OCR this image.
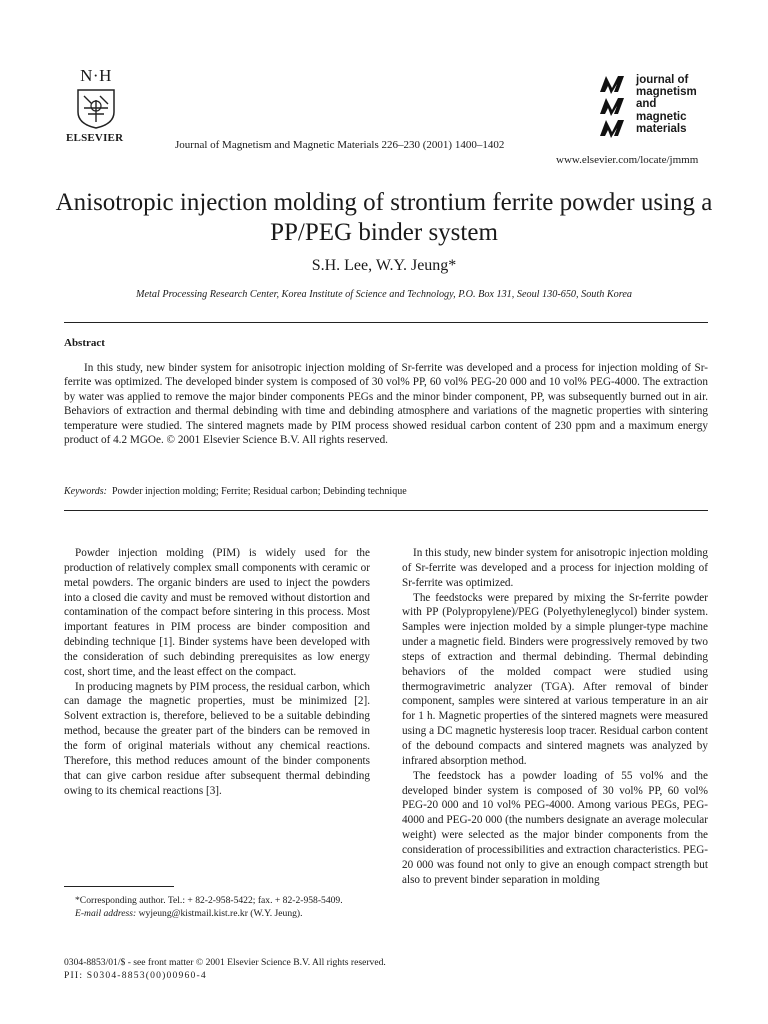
N·H
ELSEVIER
Journal of Magnetism and Magnetic Materials 226–230 (2001) 1400–1402
journal of
magnetism
and
magnetic
materials
www.elsevier.com/locate/jmmm
Anisotropic injection molding of strontium ferrite powder using a PP/PEG binder system
S.H. Lee, W.Y. Jeung*
Metal Processing Research Center, Korea Institute of Science and Technology, P.O. Box 131, Seoul 130-650, South Korea
Abstract
In this study, new binder system for anisotropic injection molding of Sr-ferrite was developed and a process for injection molding of Sr-ferrite was optimized. The developed binder system is composed of 30 vol% PP, 60 vol% PEG-20 000 and 10 vol% PEG-4000. The extraction by water was applied to remove the major binder components PEGs and the minor binder component, PP, was subsequently burned out in air. Behaviors of extraction and thermal debinding with time and debinding atmosphere and variations of the magnetic properties with sintering temperature were studied. The sintered magnets made by PIM process showed residual carbon content of 230 ppm and a maximum energy product of 4.2 MGOe. © 2001 Elsevier Science B.V. All rights reserved.
Keywords: Powder injection molding; Ferrite; Residual carbon; Debinding technique

Powder injection molding (PIM) is widely used for the production of relatively complex small components with ceramic or metal powders. The organic binders are used to inject the powders into a closed die cavity and must be removed without distortion and contamination of the compact before sintering in this process. Most important features in PIM process are binder composition and debinding technique [1]. Binder systems have been developed with the consideration of such debinding prerequisites as low energy cost, short time, and the least effect on the compact.

In producing magnets by PIM process, the residual carbon, which can damage the magnetic properties, must be minimized [2]. Solvent extraction is, therefore, believed to be a suitable debinding method, because the greater part of the binders can be removed in the form of original materials without any chemical reactions. Therefore, this method reduces amount of the binder components that can give carbon residue after subsequent thermal debinding owing to its chemical reactions [3].

In this study, new binder system for anisotropic injection molding of Sr-ferrite was developed and a process for injection molding of Sr-ferrite was optimized.

The feedstocks were prepared by mixing the Sr-ferrite powder with PP (Polypropylene)/PEG (Polyethyleneglycol) binder system. Samples were injection molded by a simple plunger-type machine under a magnetic field. Binders were progressively removed by two steps of extraction and thermal debinding. Thermal debinding behaviors of the molded compact were studied using thermogravimetric analyzer (TGA). After removal of binder component, samples were sintered at various temperature in an air for 1 h. Magnetic properties of the sintered magnets were measured using a DC magnetic hysteresis loop tracer. Residual carbon content of the debound compacts and sintered magnets was analyzed by infrared absorption method.

The feedstock has a powder loading of 55 vol% and the developed binder system is composed of 30 vol% PP, 60 vol% PEG-20 000 and 10 vol% PEG-4000. Among various PEGs, PEG-4000 and PEG-20 000 (the numbers designate an average molecular weight) were selected as the major binder components from the consideration of processibilities and extraction characteristics. PEG-20 000 was found not only to give an enough compact strength but also to prevent binder separation in molding

*Corresponding author. Tel.: + 82-2-958-5422; fax. + 82-2-958-5409.

E-mail address: wyjeung@kistmail.kist.re.kr (W.Y. Jeung).

0304-8853/01/$ - see front matter © 2001 Elsevier Science B.V. All rights reserved.
PII: S0304-8853(00)00960-4
